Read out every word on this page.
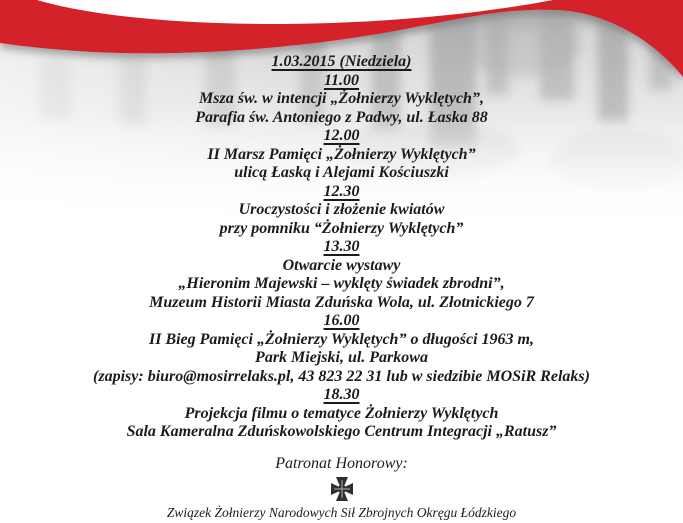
1.03.2015 (Niedziela)
11.00
Msza św. w intencji „Żołnierzy Wyklętych”,
Parafia św. Antoniego z Padwy, ul. Łaska 88
12.00
II Marsz Pamięci „Żołnierzy Wyklętych”
ulicą Łaską i Alejami Kościuszki
12.30
Uroczystości i złożenie kwiatów
przy pomniku “Żołnierzy Wyklętych”
13.30
Otwarcie wystawy
„Hieronim Majewski – wyklęty świadek zbrodni”,
Muzeum Historii Miasta Zduńska Wola, ul. Złotnickiego 7
16.00
II Bieg Pamięci „Żołnierzy Wyklętych” o długości 1963 m,
Park Miejski, ul. Parkowa
(zapisy: biuro@mosirrelaks.pl, 43 823 22 31 lub w siedzibie MOSiR Relaks)
18.30
Projekcja filmu o tematyce Żołnierzy Wyklętych
Sala Kameralna Zduńskowolskiego Centrum Integracji „Ratusz”
Patronat Honorowy:
Związek Żołnierzy Narodowych Sił Zbrojnych Okręgu Łódzkiego
